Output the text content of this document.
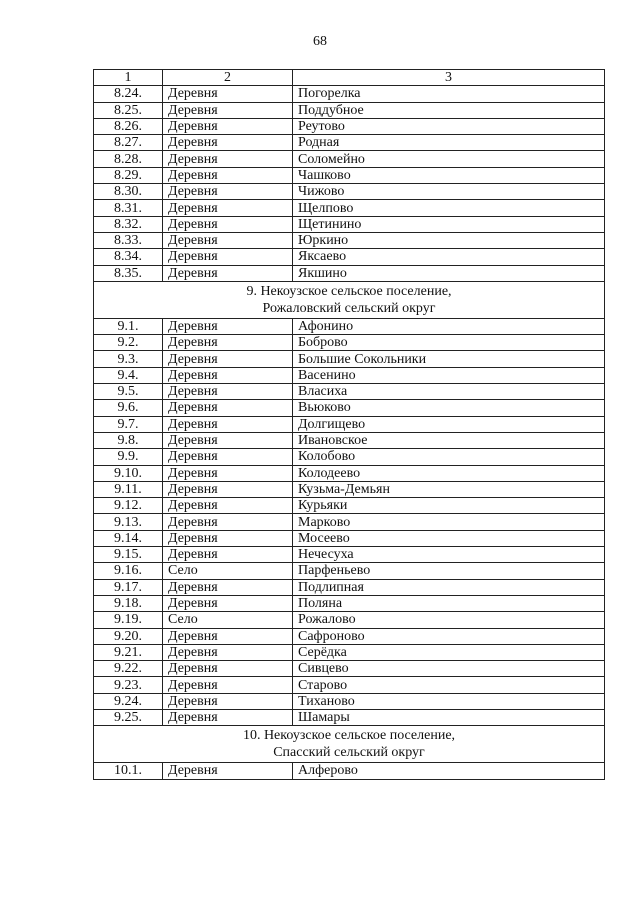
68
1	2	3
8.24.	Деревня	Погорелка
8.25.	Деревня	Поддубное
8.26.	Деревня	Реутово
8.27.	Деревня	Родная
8.28.	Деревня	Соломейно
8.29.	Деревня	Чашково
8.30.	Деревня	Чижово
8.31.	Деревня	Щелпово
8.32.	Деревня	Щетинино
8.33.	Деревня	Юркино
8.34.	Деревня	Яксаево
8.35.	Деревня	Якшино

9. Некоузское сельское поселение,
Рожаловский сельский округ		

9.1.	Деревня	Афонино
9.2.	Деревня	Боброво
9.3.	Деревня	Большие Сокольники
9.4.	Деревня	Васенино
9.5.	Деревня	Власиха
9.6.	Деревня	Вьюково
9.7.	Деревня	Долгищево
9.8.	Деревня	Ивановское
9.9.	Деревня	Колобово
9.10.	Деревня	Колодеево
9.11.	Деревня	Кузьма-Демьян
9.12.	Деревня	Курьяки
9.13.	Деревня	Марково
9.14.	Деревня	Мосеево
9.15.	Деревня	Нечесуха
9.16.	Село	Парфеньево
9.17.	Деревня	Подлипная
9.18.	Деревня	Поляна
9.19.	Село	Рожалово
9.20.	Деревня	Сафроново
9.21.	Деревня	Серёдка
9.22.	Деревня	Сивцево
9.23.	Деревня	Старово
9.24.	Деревня	Тиханово
9.25.	Деревня	Шамары

10. Некоузское сельское поселение,
Спасский сельский округ		

10.1.	Деревня	Алферово
